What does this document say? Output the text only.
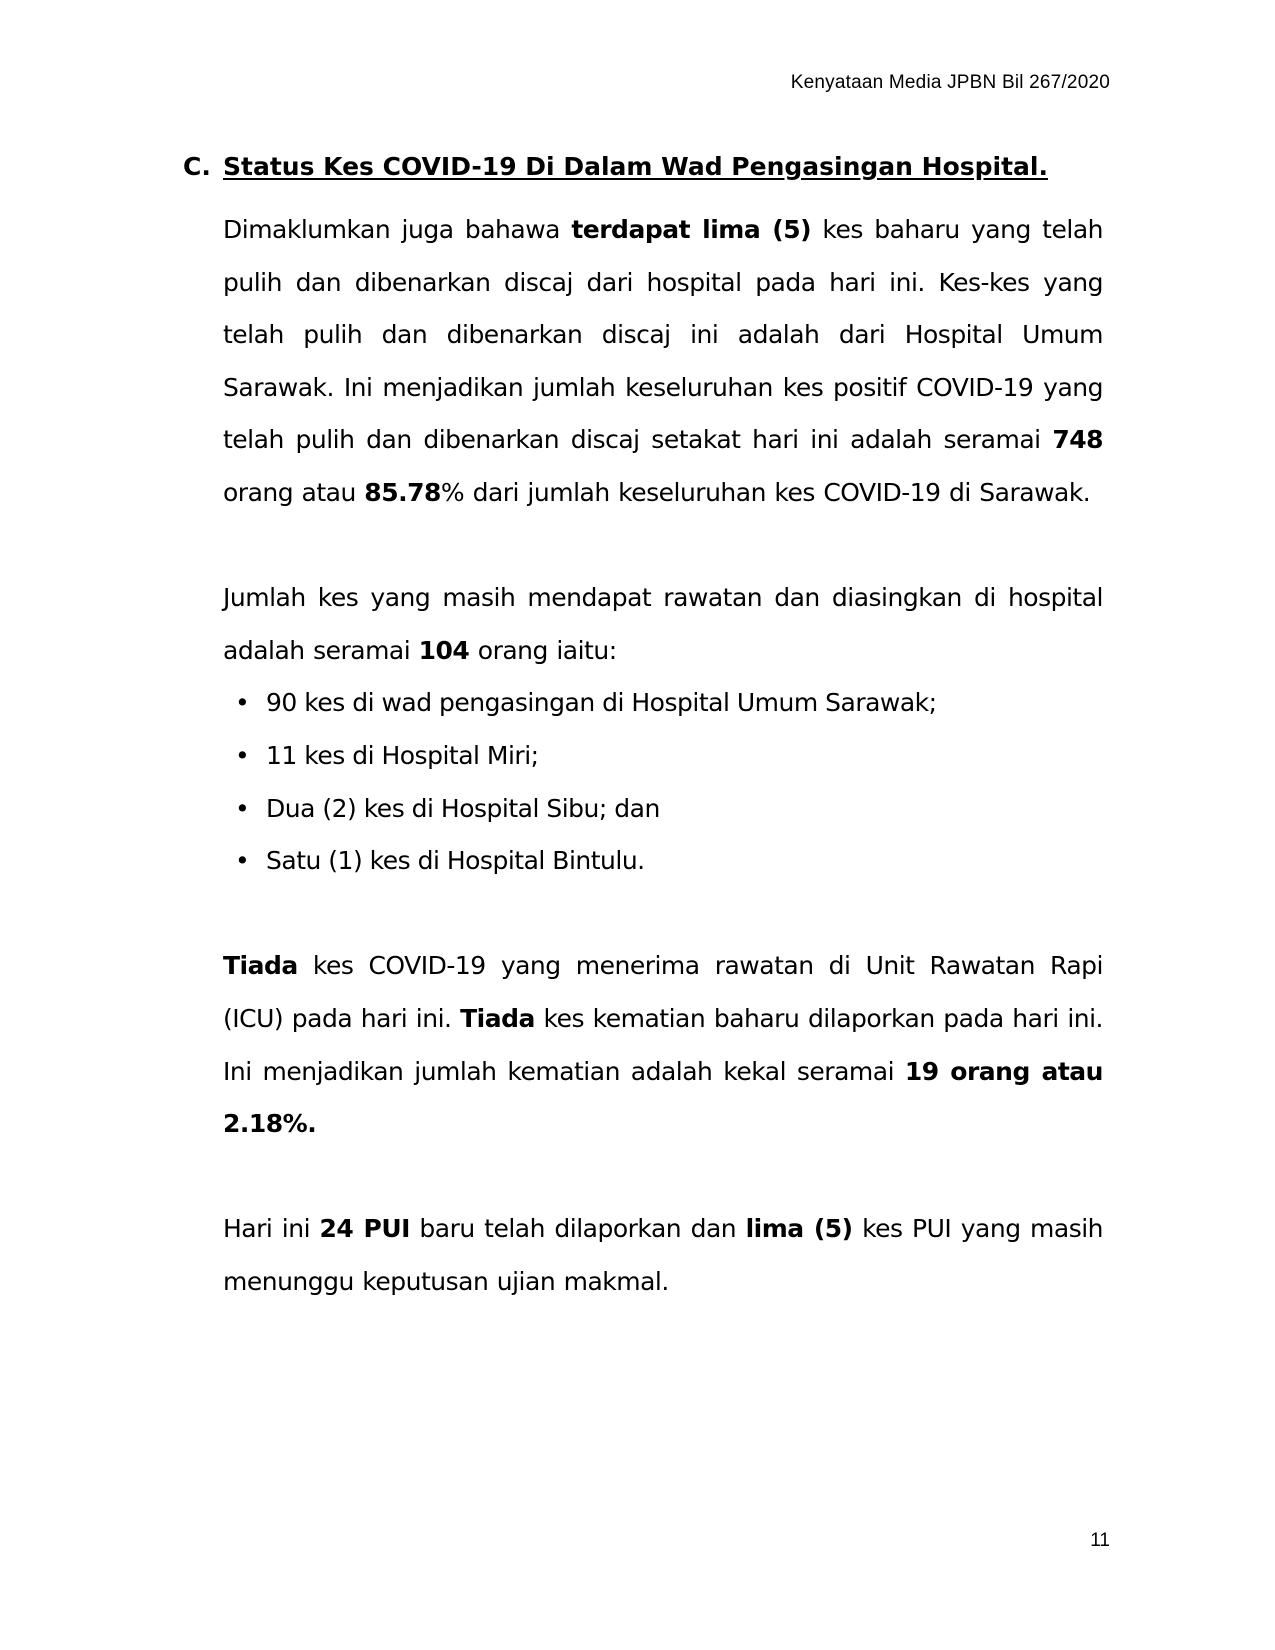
Kenyataan Media JPBN Bil 267/2020
C. Status Kes COVID-19 Di Dalam Wad Pengasingan Hospital.

Dimaklumkan juga bahawa terdapat lima (5) kes baharu yang telah pulih dan dibenarkan discaj dari hospital pada hari ini. Kes-kes yang telah pulih dan dibenarkan discaj ini adalah dari Hospital Umum Sarawak. Ini menjadikan jumlah keseluruhan kes positif COVID-19 yang telah pulih dan dibenarkan discaj setakat hari ini adalah seramai 748 orang atau 85.78% dari jumlah keseluruhan kes COVID-19 di Sarawak.

Jumlah kes yang masih mendapat rawatan dan diasingkan di hospital adalah seramai 104 orang iaitu:

• 90 kes di wad pengasingan di Hospital Umum Sarawak;
• 11 kes di Hospital Miri;
• Dua (2) kes di Hospital Sibu; dan
• Satu (1) kes di Hospital Bintulu.

Tiada kes COVID-19 yang menerima rawatan di Unit Rawatan Rapi (ICU) pada hari ini. Tiada kes kematian baharu dilaporkan pada hari ini. Ini menjadikan jumlah kematian adalah kekal seramai 19 orang atau 2.18%.

Hari ini 24 PUI baru telah dilaporkan dan lima (5) kes PUI yang masih menunggu keputusan ujian makmal.

11
